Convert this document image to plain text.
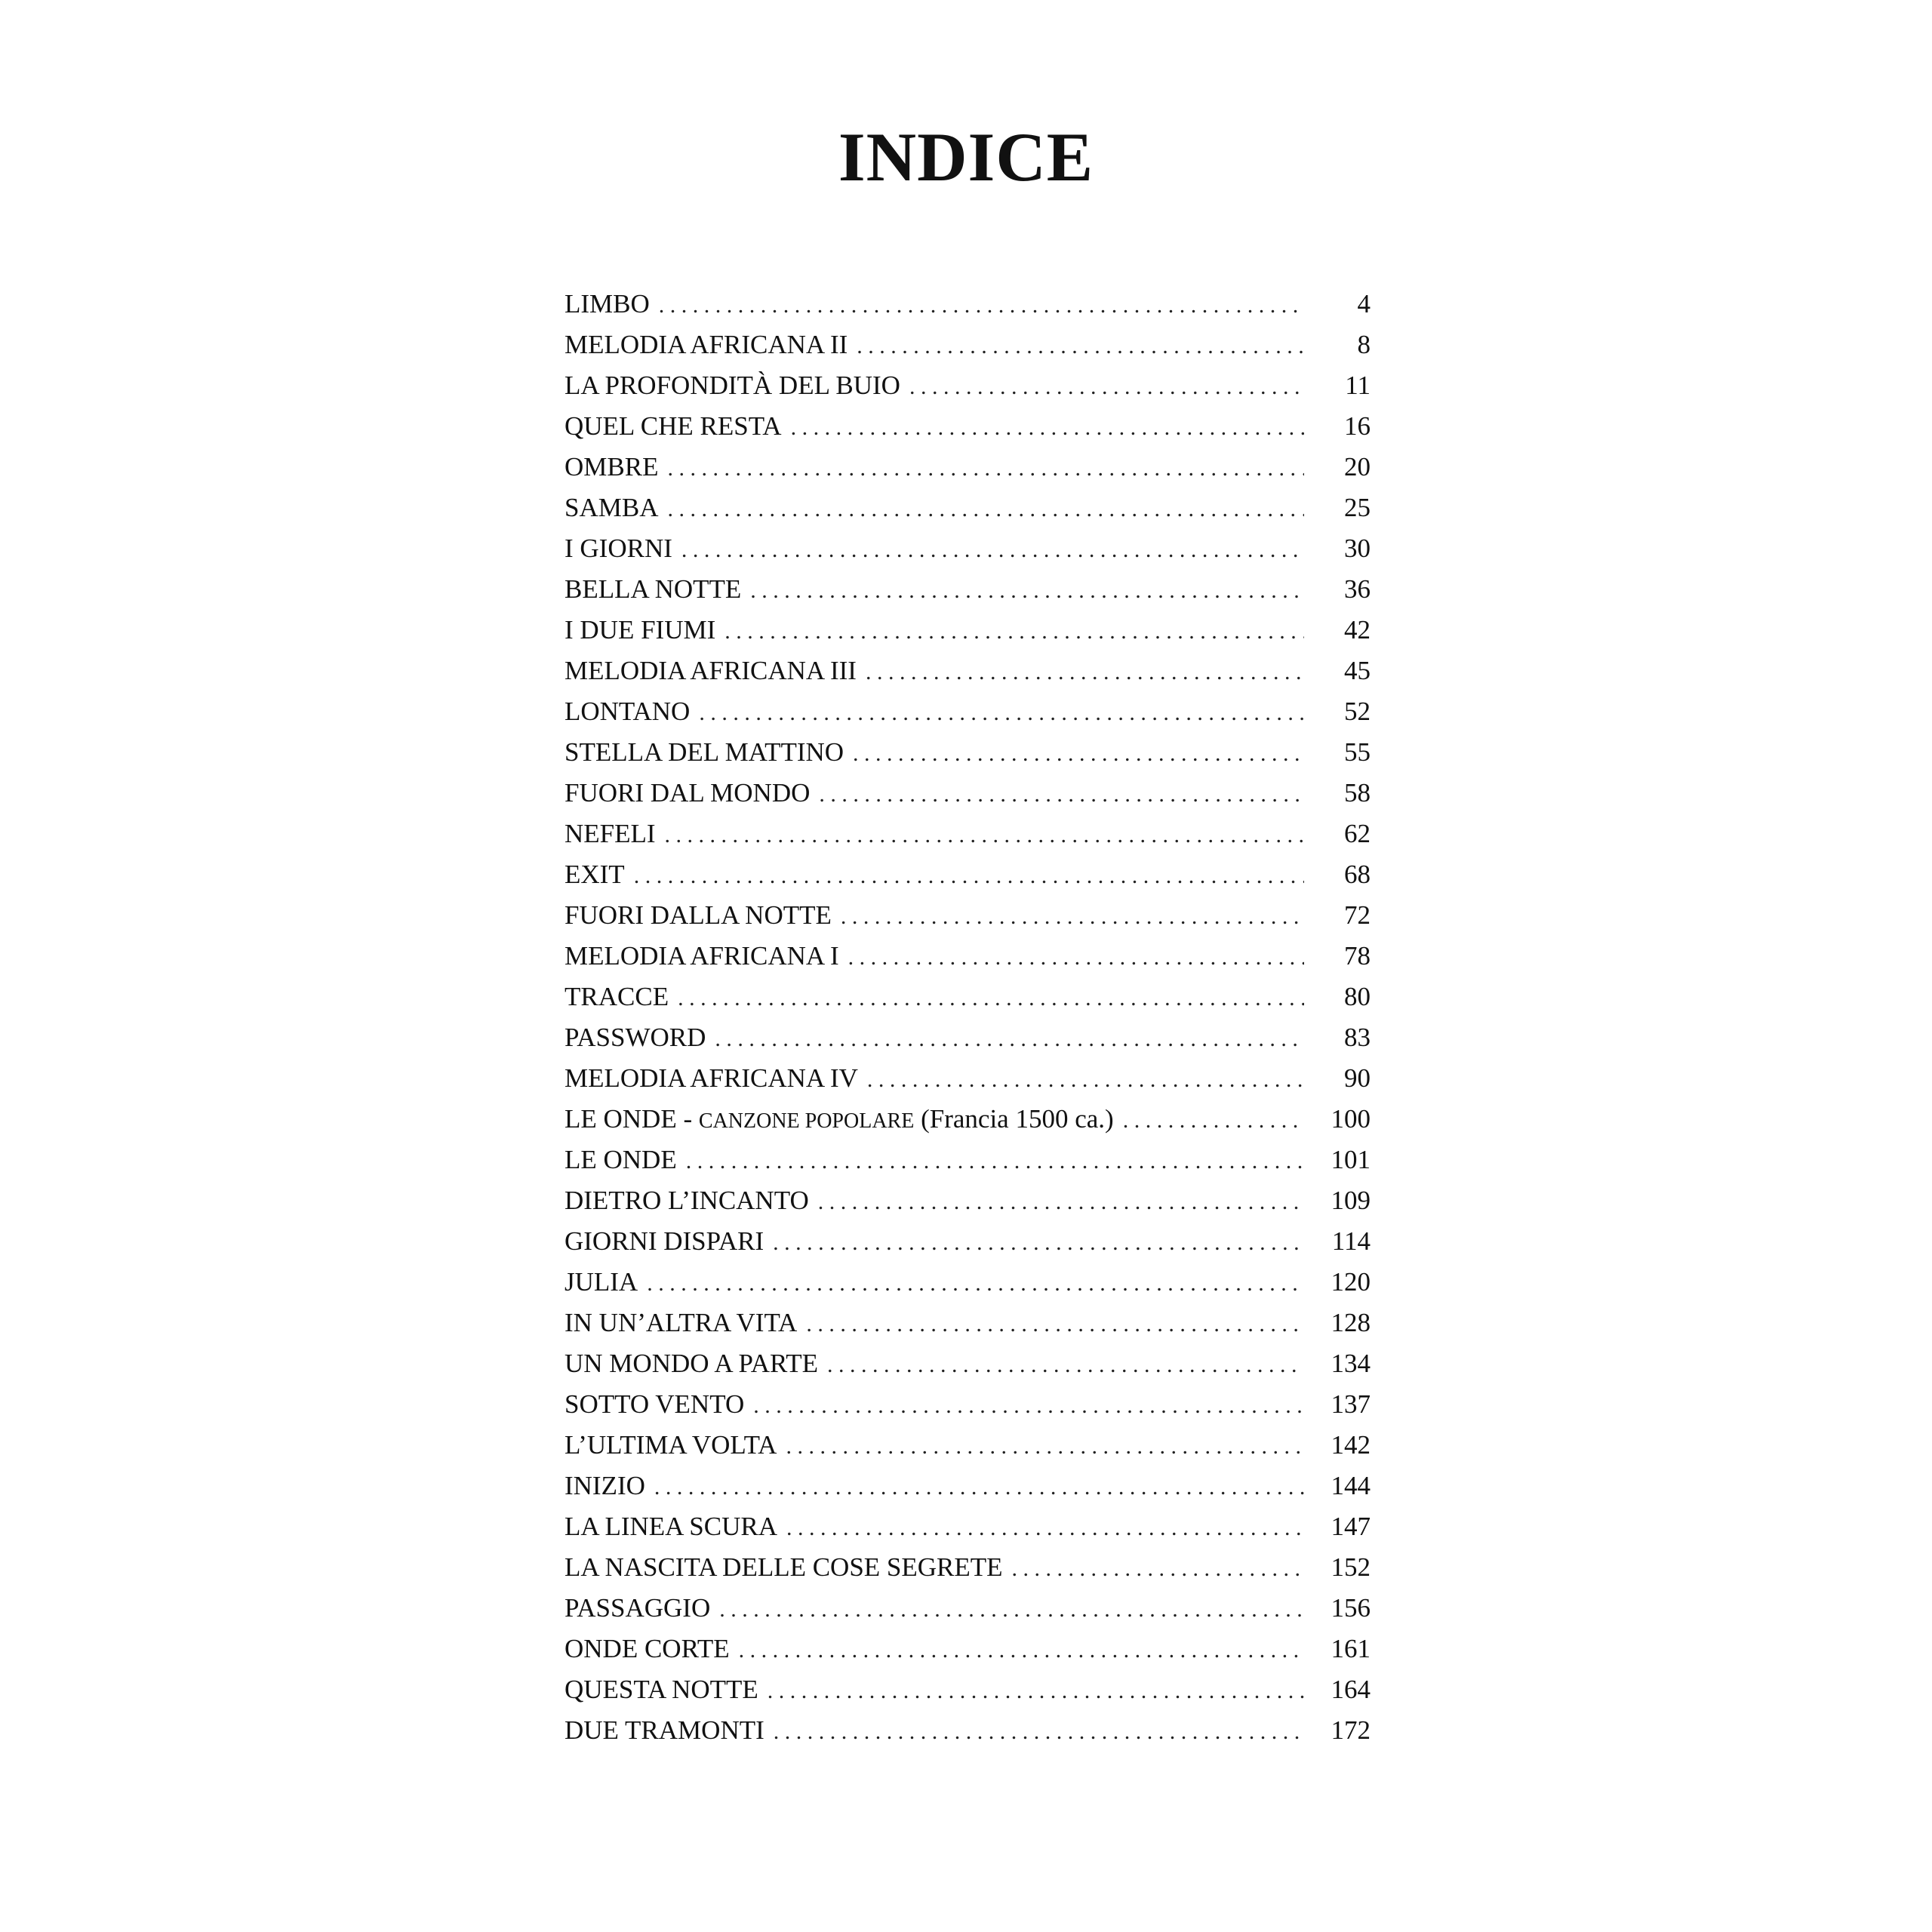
INDICE
LIMBO . . .	4
MELODIA AFRICANA II . . .	8
LA PROFONDITÀ DEL BUIO . . .	11
QUEL CHE RESTA . . .	16
OMBRE . . .	20
SAMBA . . .	25
I GIORNI . . .	30
BELLA NOTTE . . .	36
I DUE FIUMI . . .	42
MELODIA AFRICANA III . . .	45
LONTANO . . .	52
STELLA DEL MATTINO . . .	55
FUORI DAL MONDO . . .	58
NEFELI . . .	62
EXIT . . .	68
FUORI DALLA NOTTE . . .	72
MELODIA AFRICANA I . . .	78
TRACCE . . .	80
PASSWORD . . .	83
MELODIA AFRICANA IV . . .	90
LE ONDE - CANZONE POPOLARE (Francia 1500 ca.) . . .	100
LE ONDE . . .	101
DIETRO L’INCANTO . . .	109
GIORNI DISPARI . . .	114
JULIA . . .	120
IN UN’ALTRA VITA . . .	128
UN MONDO A PARTE . . .	134
SOTTO VENTO . . .	137
L’ULTIMA VOLTA . . .	142
INIZIO . . .	144
LA LINEA SCURA . . .	147
LA NASCITA DELLE COSE SEGRETE . . .	152
PASSAGGIO . . .	156
ONDE CORTE . . .	161
QUESTA NOTTE . . .	164
DUE TRAMONTI . . .	172
